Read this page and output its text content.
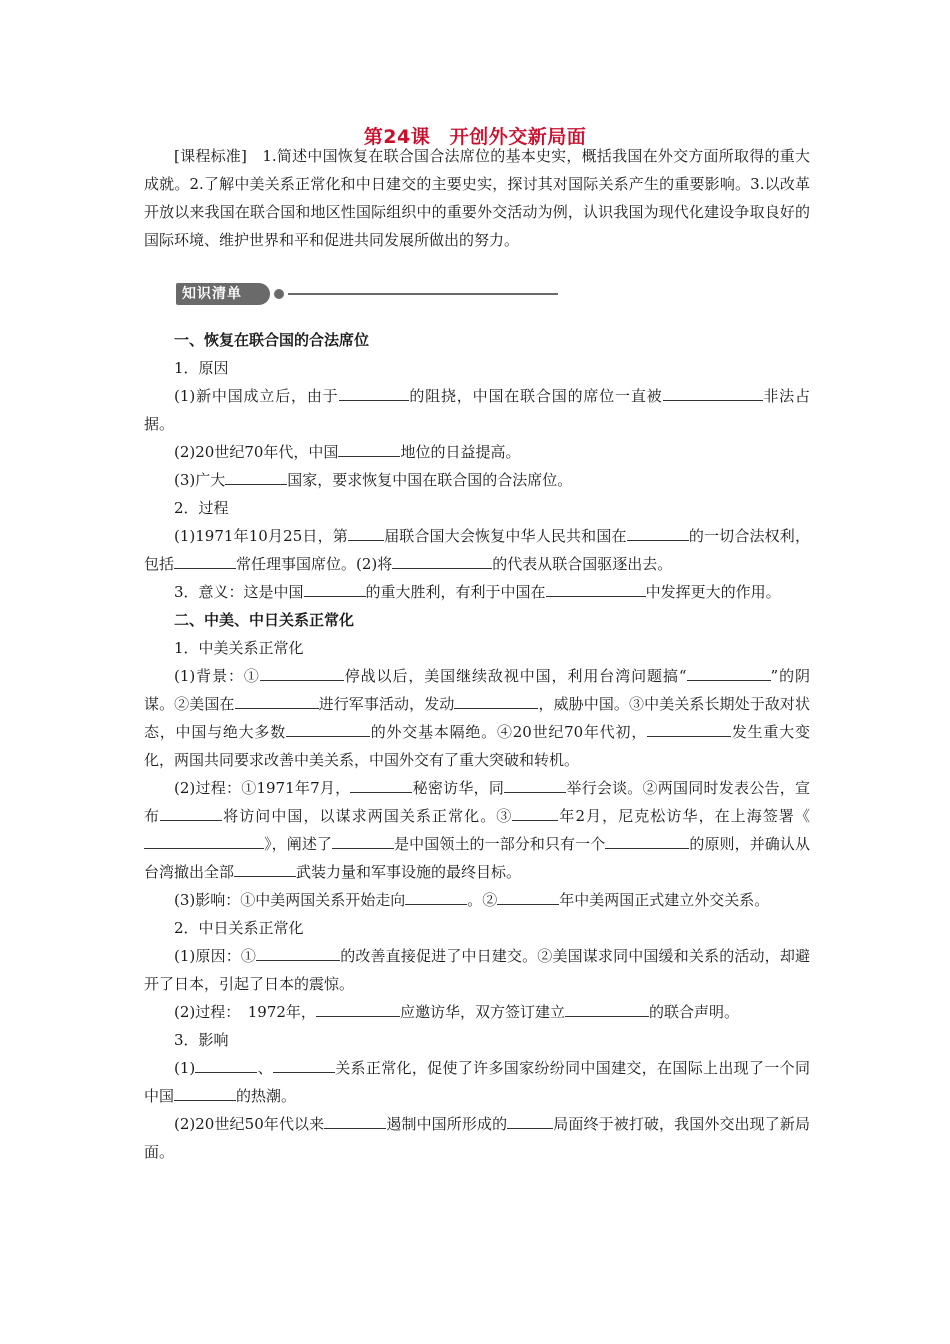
第24课　开创外交新局面

[课程标准]　1.简述中国恢复在联合国合法席位的基本史实，概括我国在外交方面所取得的重大成就。2.了解中美关系正常化和中日建交的主要史实，探讨其对国际关系产生的重要影响。3.以改革开放以来我国在联合国和地区性国际组织中的重要外交活动为例，认识我国为现代化建设争取良好的国际环境、维护世界和平和促进共同发展所做出的努力。

知识清单

一、恢复在联合国的合法席位

1．原因

(1)新中国成立后，由于	的阻挠，中国在联合国的席位一直被	非法占据。

(2)20世纪70年代，中国	地位的日益提高。

(3)广大	国家，要求恢复中国在联合国的合法席位。

2．过程

(1)1971年10月25日，第 届联合国大会恢复中华人民共和国在	的一切合法权利，包括	常任理事国席位。(2)将	的代表从联合国驱逐出去。

3．意义：这是中国	的重大胜利，有利于中国在	中发挥更大的作用。

二、中美、中日关系正常化

1．中美关系正常化

(1)背景：①	停战以后，美国继续敌视中国，利用台湾问题搞“	”的阴谋。②美国在	进行军事活动，发动	，威胁中国。③中美关系长期处于敌对状态，中国与绝大多数	的外交基本隔绝。④20世纪70年代初，	发生重大变化，两国共同要求改善中美关系，中国外交有了重大突破和转机。

(2)过程：①1971年7月，	秘密访华，同	举行会谈。②两国同时发表公告，宣布	将访问中国，以谋求两国关系正常化。③	年2月，尼克松访华，在上海签署《》，阐述了	是中国领土的一部分和只有一个	的原则，并确认从台湾撤出全部	武装力量和军事设施的最终目标。

(3)影响：①中美两国关系开始走向	。②	年中美两国正式建立外交关系。

2．中日关系正常化

(1)原因：①	的改善直接促进了中日建交。②美国谋求同中国缓和关系的活动，却避开了日本，引起了日本的震惊。

(2)过程：　1972年，	应邀访华，双方签订建立	的联合声明。

3．影响

(1)	、	关系正常化，促使了许多国家纷纷同中国建交，在国际上出现了一个同中国	的热潮。

(2)20世纪50年代以来	遏制中国所形成的	局面终于被打破，我国外交出现了新局面。
